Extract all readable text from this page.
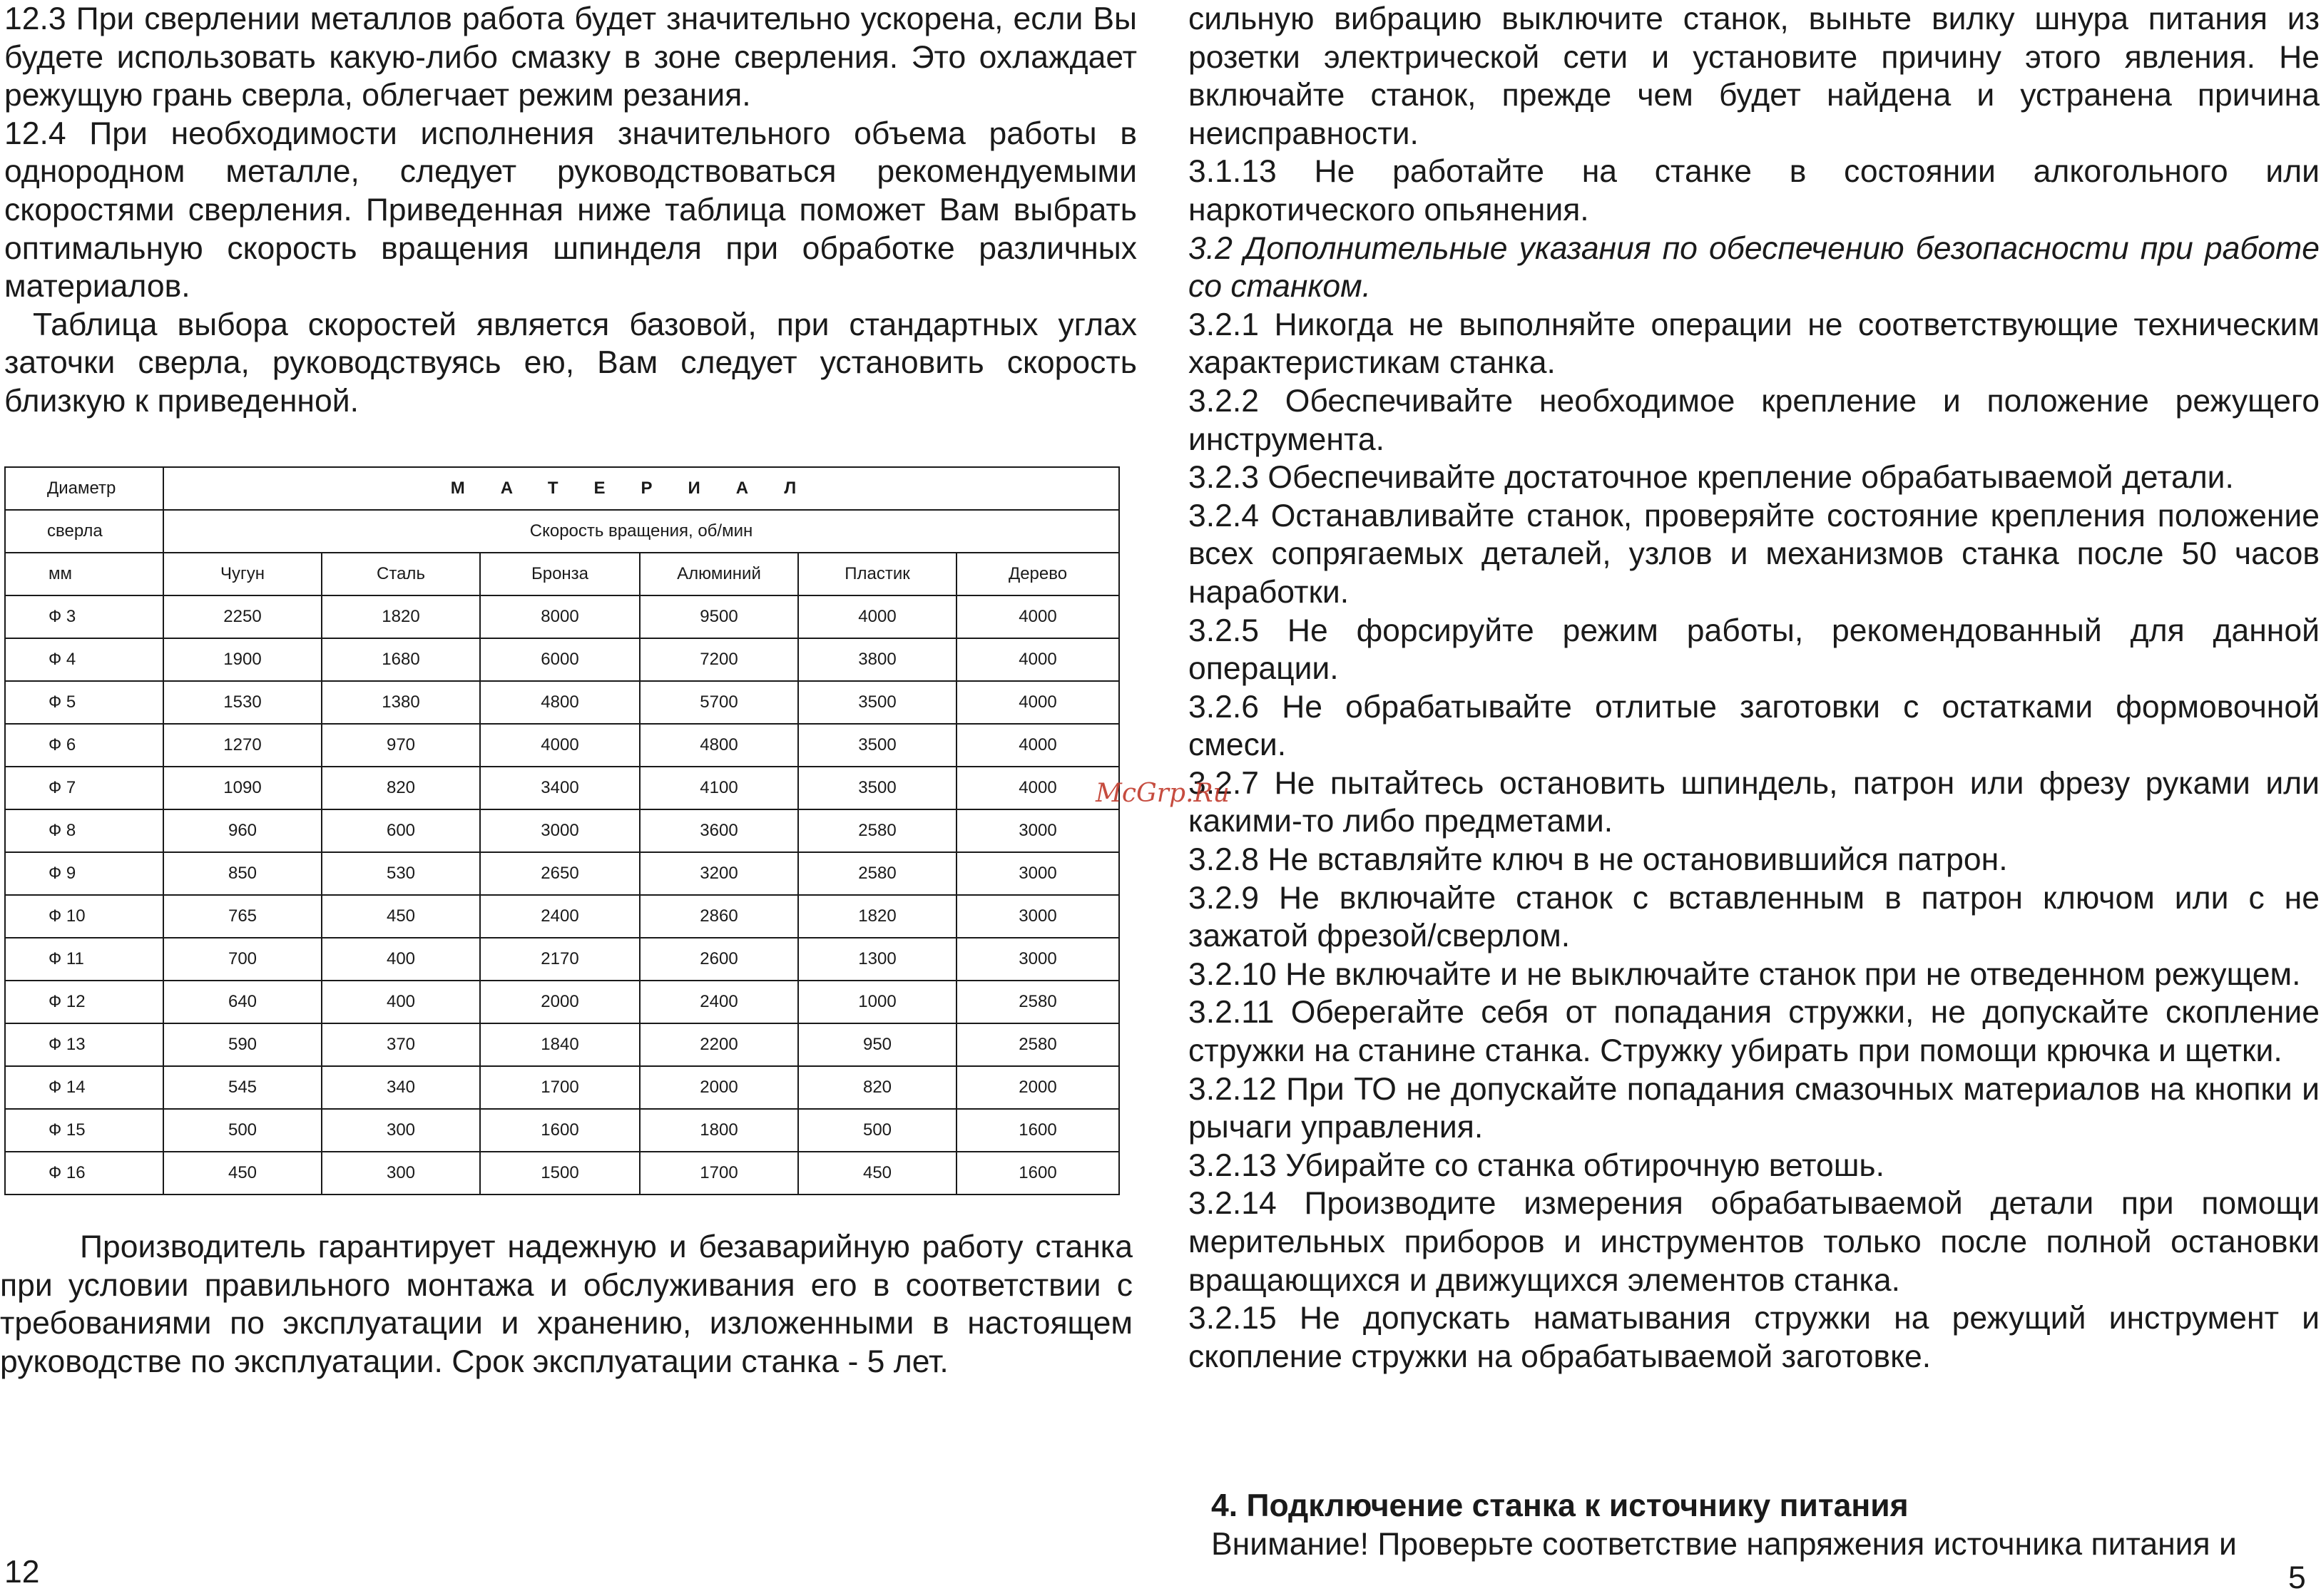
12.3 При сверлении металлов работа будет значительно ускорена, если Вы будете использовать какую-либо смазку в зоне сверления. Это охлаждает режущую грань сверла, облегчает режим резания.

12.4 При необходимости исполнения значительного объема работы в однородном металле, следует руководствоваться рекомендуемыми скоростями сверления. Приведенная ниже таблица поможет Вам выбрать оптимальную скорость вращения шпинделя при обработке различных материалов.

Таблица выбора скоростей является базовой, при стандартных углах заточки сверла, руководствуясь ею, Вам следует установить скорость близкую к приведенной.

Диаметр	МАТЕРИАЛ					
сверла	Скорость вращения, об/мин					
мм	Чугун	Сталь	Бронза	Алюминий	Пластик	Дерево
Ф 3	2250	1820	8000	9500	4000	4000
Ф 4	1900	1680	6000	7200	3800	4000
Ф 5	1530	1380	4800	5700	3500	4000
Ф 6	1270	970	4000	4800	3500	4000
Ф 7	1090	820	3400	4100	3500	4000
Ф 8	960	600	3000	3600	2580	3000
Ф 9	850	530	2650	3200	2580	3000
Ф 10	765	450	2400	2860	1820	3000
Ф 11	700	400	2170	2600	1300	3000
Ф 12	640	400	2000	2400	1000	2580
Ф 13	590	370	1840	2200	950	2580
Ф 14	545	340	1700	2000	820	2000
Ф 15	500	300	1600	1800	500	1600
Ф 16	450	300	1500	1700	450	1600

Производитель гарантирует надежную и безаварийную работу станка при условии правильного монтажа и обслуживания его в соответствии с требованиями по эксплуатации и хранению, изложенными в настоящем руководстве по эксплуатации. Срок эксплуатации станка - 5 лет.

сильную вибрацию выключите станок, выньте вилку шнура питания из розетки электрической сети и установите причину этого явления. Не включайте станок, прежде чем будет найдена и устранена причина неисправности.

3.1.13 Не работайте на станке в состоянии алкогольного или наркотического опьянения.

3.2 Дополнительные указания по обеспечению безопасности при работе со станком.

3.2.1 Никогда не выполняйте операции не соответствующие техническим характеристикам станка.

3.2.2 Обеспечивайте необходимое крепление и положение режущего инструмента.

3.2.3 Обеспечивайте достаточное крепление обрабатываемой детали.

3.2.4 Останавливайте станок, проверяйте состояние крепления положение всех сопрягаемых деталей, узлов и механизмов станка после 50 часов наработки.

3.2.5 Не форсируйте режим работы, рекомендованный для данной операции.

3.2.6 Не обрабатывайте отлитые заготовки с остатками формовочной смеси.

3.2.7 Не пытайтесь остановить шпиндель, патрон или фрезу руками или какими-то либо предметами.

3.2.8 Не вставляйте ключ в не остановившийся патрон.

3.2.9 Не включайте станок с вставленным в патрон ключом или с не зажатой фрезой/сверлом.

3.2.10 Не включайте и не выключайте станок при не отведенном режущем.

3.2.11 Оберегайте себя от попадания стружки, не допускайте скопление стружки на станине станка. Стружку убирать при помощи крючка и щетки.

3.2.12 При ТО не допускайте попадания смазочных материалов на кнопки и рычаги управления.

3.2.13 Убирайте со станка обтирочную ветошь.

3.2.14 Производите измерения обрабатываемой детали при помощи мерительных приборов и инструментов только после полной остановки вращающихся и движущихся элементов станка.

3.2.15 Не допускать наматывания стружки на режущий инструмент и скопление стружки на обрабатываемой заготовке.

4. Подключение станка к источнику питания

Внимание! Проверьте соответствие напряжения источника питания и

12	5
McGrp.Ru
